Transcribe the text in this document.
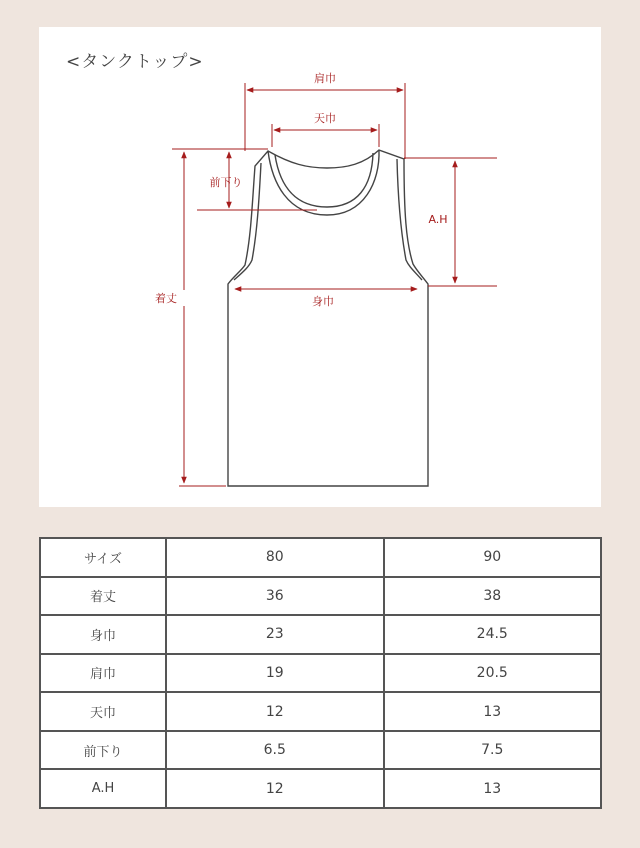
<タンクトップ>
肩巾
天巾
前下り
A.H
着丈	身巾
サイズ	80	90
着丈	36	38
身巾	23	24.5
肩巾	19	20.5
天巾	12	13
前下り	6.5	7.5
A.H	12	13
